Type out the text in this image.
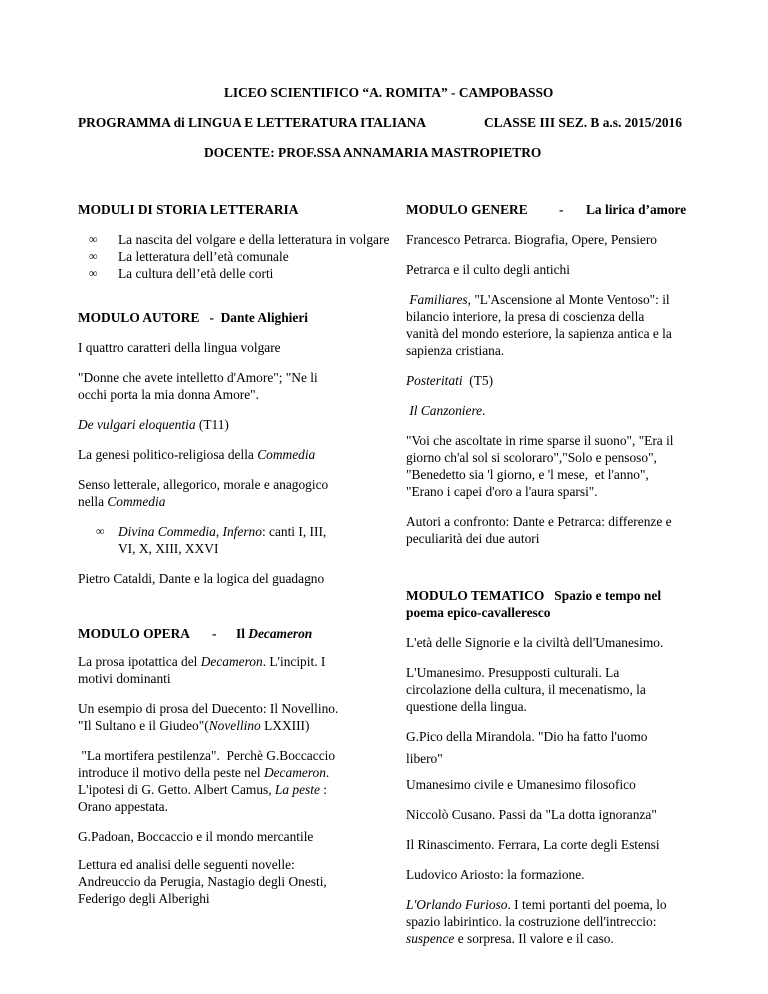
LICEO SCIENTIFICO “A. ROMITA” - CAMPOBASSO
PROGRAMMA di LINGUA E LETTERATURA ITALIANA	CLASSE III SEZ. B a.s. 2015/2016
DOCENTE: PROF.SSA ANNAMARIA MASTROPIETRO
MODULI DI STORIA LETTERARIA
∞ La nascita del volgare e della letteratura in volgare
∞ La letteratura dell’età comunale
∞ La cultura dell’età delle corti
MODULO AUTORE   -  Dante Alighieri
I quattro caratteri della lingua volgare
"Donne che avete intelletto d'Amore"; "Ne li
occhi porta la mia donna Amore".
De vulgari eloquentia (T11)
La genesi politico-religiosa della Commedia
Senso letterale, allegorico, morale e anagogico
nella Commedia
∞ Divina Commedia, Inferno: canti I, III,
VI, X, XIII, XXVI
Pietro Cataldi, Dante e la logica del guadagno
MODULO OPERA - Il Decameron
La prosa ipotattica del Decameron. L'incipit. I
motivi dominanti
Un esempio di prosa del Duecento: Il Novellino.
"Il Sultano e il Giudeo"(Novellino LXXIII)
"La mortifera pestilenza".  Perchè G.Boccaccio
introduce il motivo della peste nel Decameron.
L'ipotesi di G. Getto. Albert Camus, La peste :
Orano appestata.
G.Padoan, Boccaccio e il mondo mercantile
Lettura ed analisi delle seguenti novelle:
Andreuccio da Perugia, Nastagio degli Onesti,
Federigo degli Alberighi
MODULO GENERE - La lirica d’amore
Francesco Petrarca. Biografia, Opere, Pensiero
Petrarca e il culto degli antichi
Familiares, "L'Ascensione al Monte Ventoso": il
bilancio interiore, la presa di coscienza della
vanità del mondo esteriore, la sapienza antica e la
sapienza cristiana.
Posteritati  (T5)
Il Canzoniere.
"Voi che ascoltate in rime sparse il suono", "Era il
giorno ch'al sol si scoloraro","Solo e pensoso",
"Benedetto sia 'l giorno, e 'l mese,  et l'anno",
"Erano i capei d'oro a l'aura sparsi".
Autori a confronto: Dante e Petrarca: differenze e
peculiarità dei due autori
MODULO TEMATICO   Spazio e tempo nel
poema epico-cavalleresco
L'età delle Signorie e la civiltà dell'Umanesimo.
L'Umanesimo. Presupposti culturali. La
circolazione della cultura, il mecenatismo, la
questione della lingua.
G.Pico della Mirandola. "Dio ha fatto l'uomo
libero"
Umanesimo civile e Umanesimo filosofico
Niccolò Cusano. Passi da "La dotta ignoranza"
Il Rinascimento. Ferrara, La corte degli Estensi
Ludovico Ariosto: la formazione.
L'Orlando Furioso. I temi portanti del poema, lo
spazio labirintico. la costruzione dell'intreccio:
suspence e sorpresa. Il valore e il caso.
